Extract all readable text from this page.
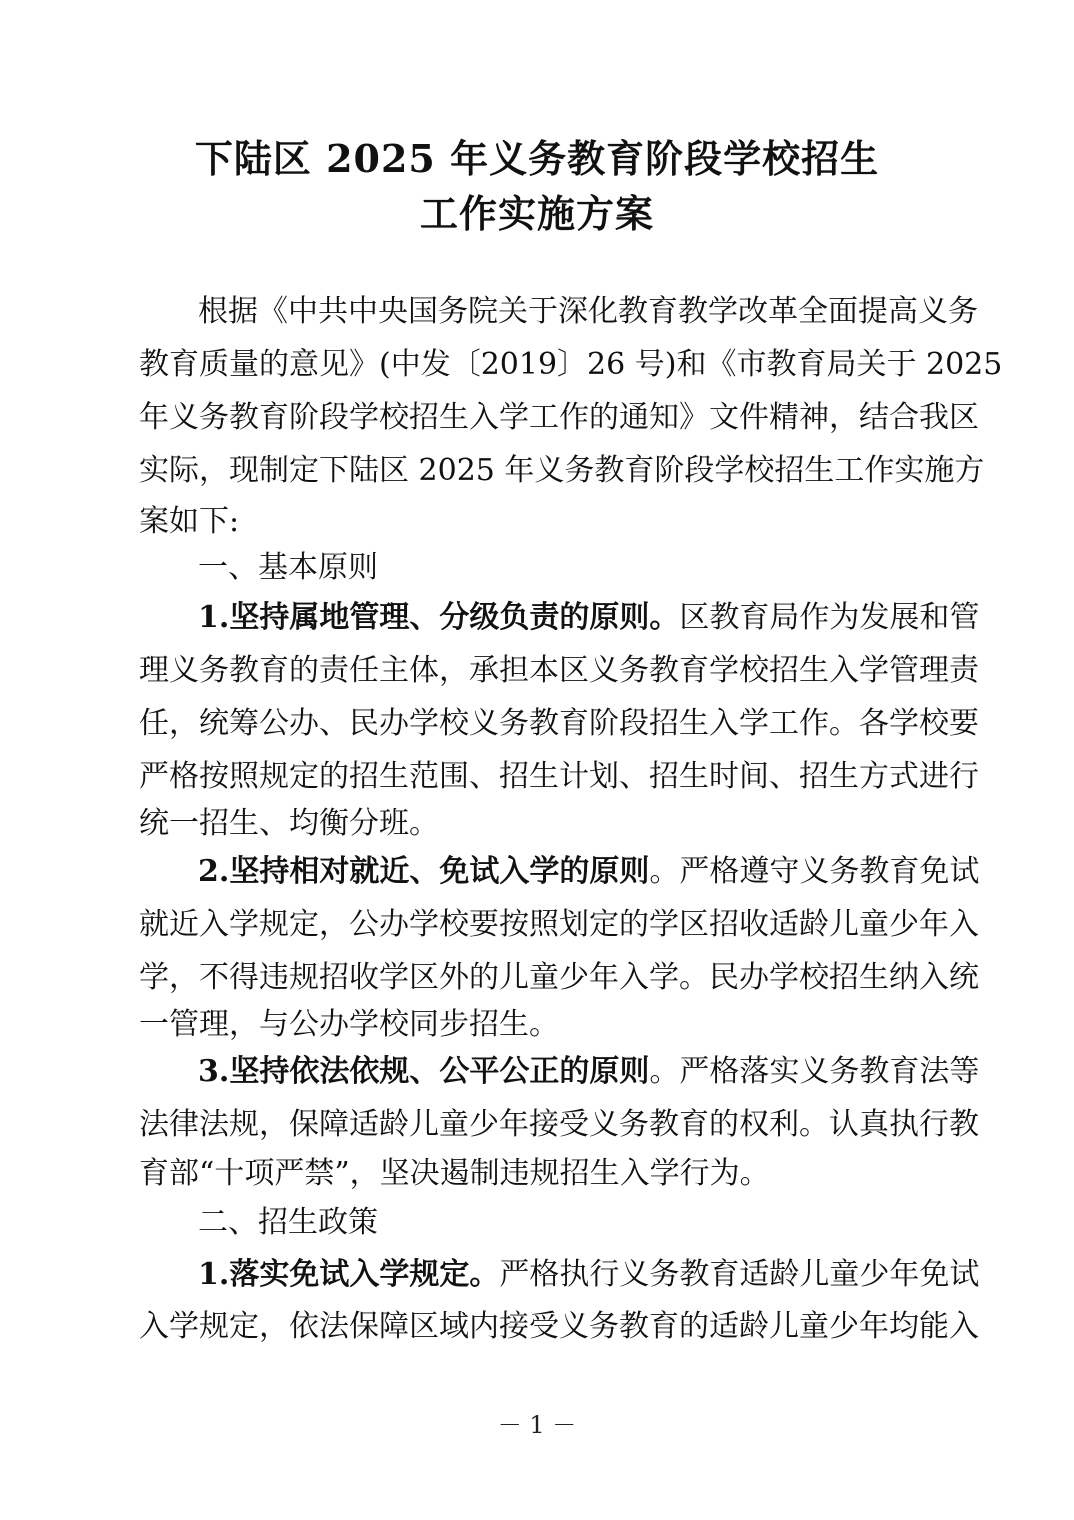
下陆区 2025 年义务教育阶段学校招生
工作实施方案
根据《中共中央国务院关于深化教育教学改革全面提高义务
教育质量的意见》(中发〔2019〕26 号)和《市教育局关于 2025
年义务教育阶段学校招生入学工作的通知》文件精神，结合我区
实际，现制定下陆区 2025 年义务教育阶段学校招生工作实施方
案如下:
一、基本原则
1.坚持属地管理、分级负责的原则。区教育局作为发展和管
理义务教育的责任主体，承担本区义务教育学校招生入学管理责
任，统筹公办、民办学校义务教育阶段招生入学工作。各学校要
严格按照规定的招生范围、招生计划、招生时间、招生方式进行
统一招生、均衡分班。
2.坚持相对就近、免试入学的原则。严格遵守义务教育免试
就近入学规定，公办学校要按照划定的学区招收适龄儿童少年入
学，不得违规招收学区外的儿童少年入学。民办学校招生纳入统
一管理，与公办学校同步招生。
3.坚持依法依规、公平公正的原则。严格落实义务教育法等
法律法规，保障适龄儿童少年接受义务教育的权利。认真执行教
育部“十项严禁”，坚决遏制违规招生入学行为。
二、招生政策
1.落实免试入学规定。严格执行义务教育适龄儿童少年免试
入学规定，依法保障区域内接受义务教育的适龄儿童少年均能入
－ 1 －
